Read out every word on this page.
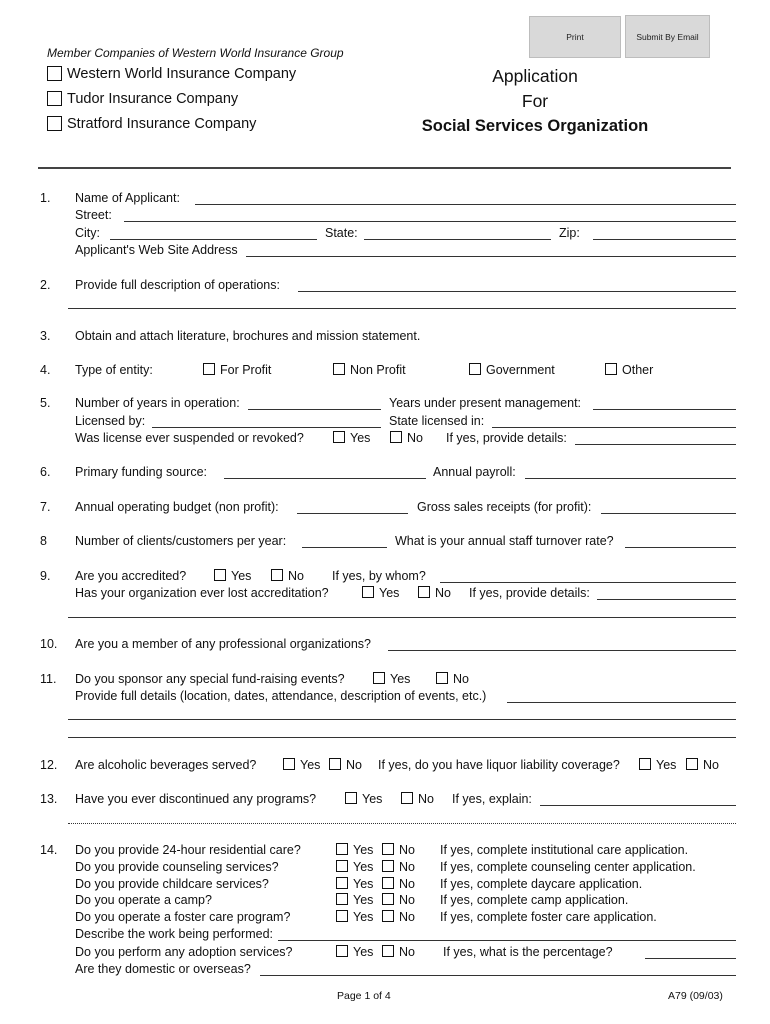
Print	Submit By Email
Member Companies of Western World Insurance Group
Western World Insurance Company
Tudor Insurance Company
Stratford Insurance Company
Application
For
Social Services Organization
1. Name of Applicant:
Street:
City:	State:	Zip:
Applicant's Web Site Address
2. Provide full description of operations:
3. Obtain and attach literature, brochures and mission statement.
4. Type of entity:	For Profit	Non Profit	Government	Other
5. Number of years in operation:	Years under present management:
Licensed by:	State licensed in:
Was license ever suspended or revoked?	Yes	No If yes, provide details:
6. Primary funding source:	Annual payroll:
7. Annual operating budget (non profit):	Gross sales receipts (for profit):
8 Number of clients/customers per year:	What is your annual staff turnover rate?
9. Are you accredited?	Yes	No If yes, by whom?
Has your organization ever lost accreditation?	Yes	No If yes, provide details:
10. Are you a member of any professional organizations?
11. Do you sponsor any special fund-raising events?	Yes	No
Provide full details (location, dates, attendance, description of events, etc.)
12. Are alcoholic beverages served?	Yes No If yes, do you have liquor liability coverage?	Yes No
13. Have you ever discontinued any programs?	Yes	No If yes, explain:
14. Do you provide 24-hour residential care?	Yes No If yes, complete institutional care application.
Do you provide counseling services?	Yes No If yes, complete counseling center application.
Do you provide childcare services?	Yes No If yes, complete daycare application.
Do you operate a camp?	Yes No If yes, complete camp application.
Do you operate a foster care program?	Yes No If yes, complete foster care application.
Describe the work being performed:
Do you perform any adoption services?	Yes No If yes, what is the percentage?
Are they domestic or overseas?
Page 1 of 4	A79 (09/03)
